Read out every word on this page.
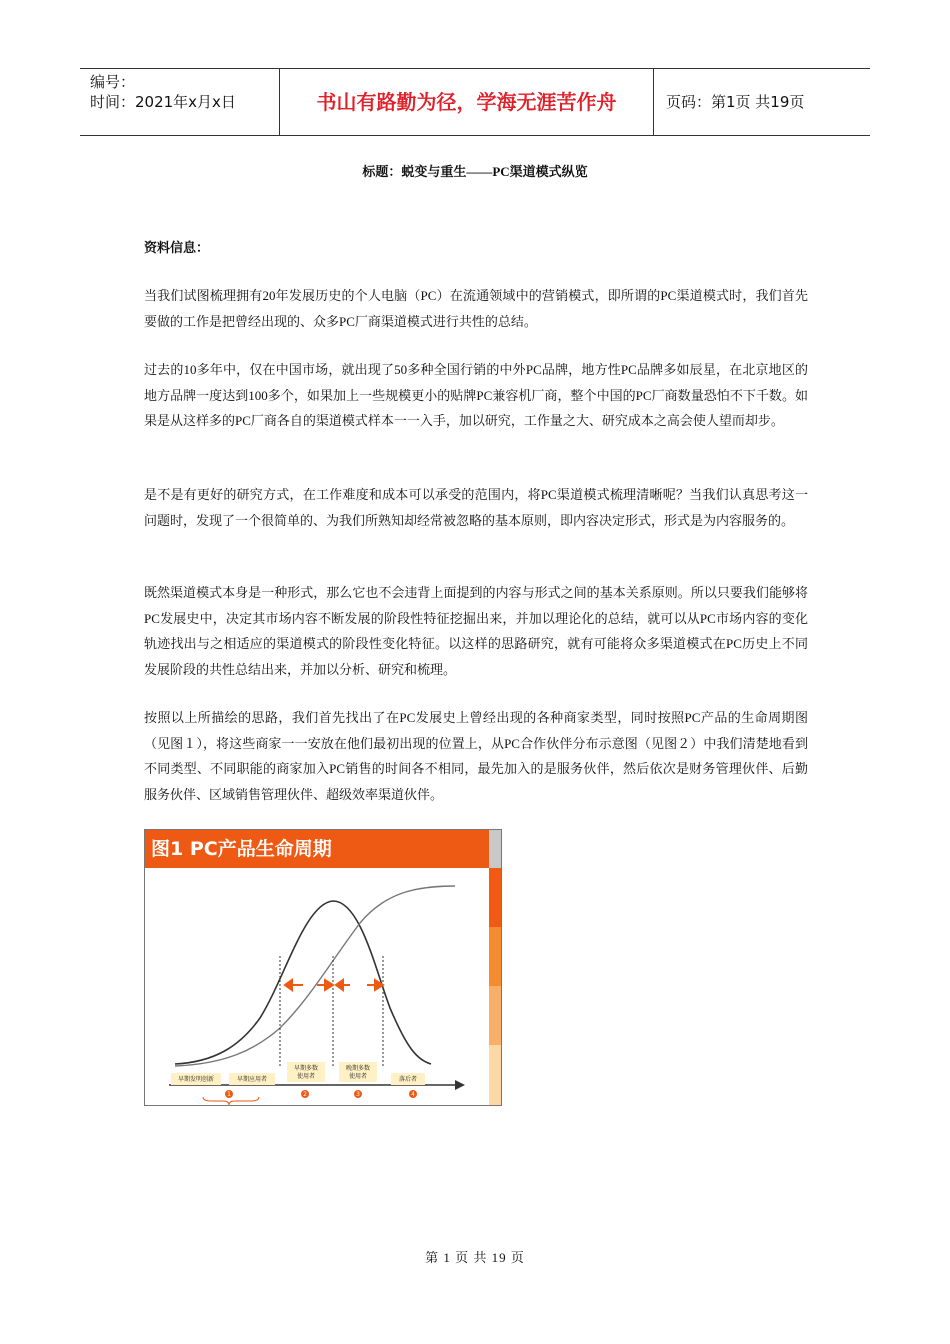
编号：
时间：2021年x月x日	书山有路勤为径，学海无涯苦作舟	页码：第1页 共19页
标题：蜕变与重生——PC渠道模式纵览
资料信息：

当我们试图梳理拥有20年发展历史的个人电脑（PC）在流通领域中的营销模式，即所谓的PC渠道模式时，我们首先要做的工作是把曾经出现的、众多PC厂商渠道模式进行共性的总结。

过去的10多年中，仅在中国市场，就出现了50多种全国行销的中外PC品牌，地方性PC品牌多如辰星，在北京地区的地方品牌一度达到100多个，如果加上一些规模更小的贴牌PC兼容机厂商，整个中国的PC厂商数量恐怕不下千数。如果是从这样多的PC厂商各自的渠道模式样本一一入手，加以研究，工作量之大、研究成本之高会使人望而却步。

是不是有更好的研究方式，在工作难度和成本可以承受的范围内，将PC渠道模式梳理清晰呢？当我们认真思考这一问题时，发现了一个很简单的、为我们所熟知却经常被忽略的基本原则，即内容决定形式，形式是为内容服务的。

既然渠道模式本身是一种形式，那么它也不会违背上面提到的内容与形式之间的基本关系原则。所以只要我们能够将PC发展史中，决定其市场内容不断发展的阶段性特征挖掘出来，并加以理论化的总结，就可以从PC市场内容的变化轨迹找出与之相适应的渠道模式的阶段性变化特征。以这样的思路研究，就有可能将众多渠道模式在PC历史上不同发展阶段的共性总结出来，并加以分析、研究和梳理。

按照以上所描绘的思路，我们首先找出了在PC发展史上曾经出现的各种商家类型，同时按照PC产品的生命周期图（见图１），将这些商家一一安放在他们最初出现的位置上，从PC合作伙伴分布示意图（见图２）中我们清楚地看到不同类型、不同职能的商家加入PC销售的时间各不相同，最先加入的是服务伙伴，然后依次是财务管理伙伴、后勤服务伙伴、区域销售管理伙伴、超级效率渠道伙伴。

图1 PC产品生命周期
早期发明创新	早期应用者
早期多数
使用者
晚期多数
使用者	落后者
1	2	3	4
第 1 页 共 19 页
